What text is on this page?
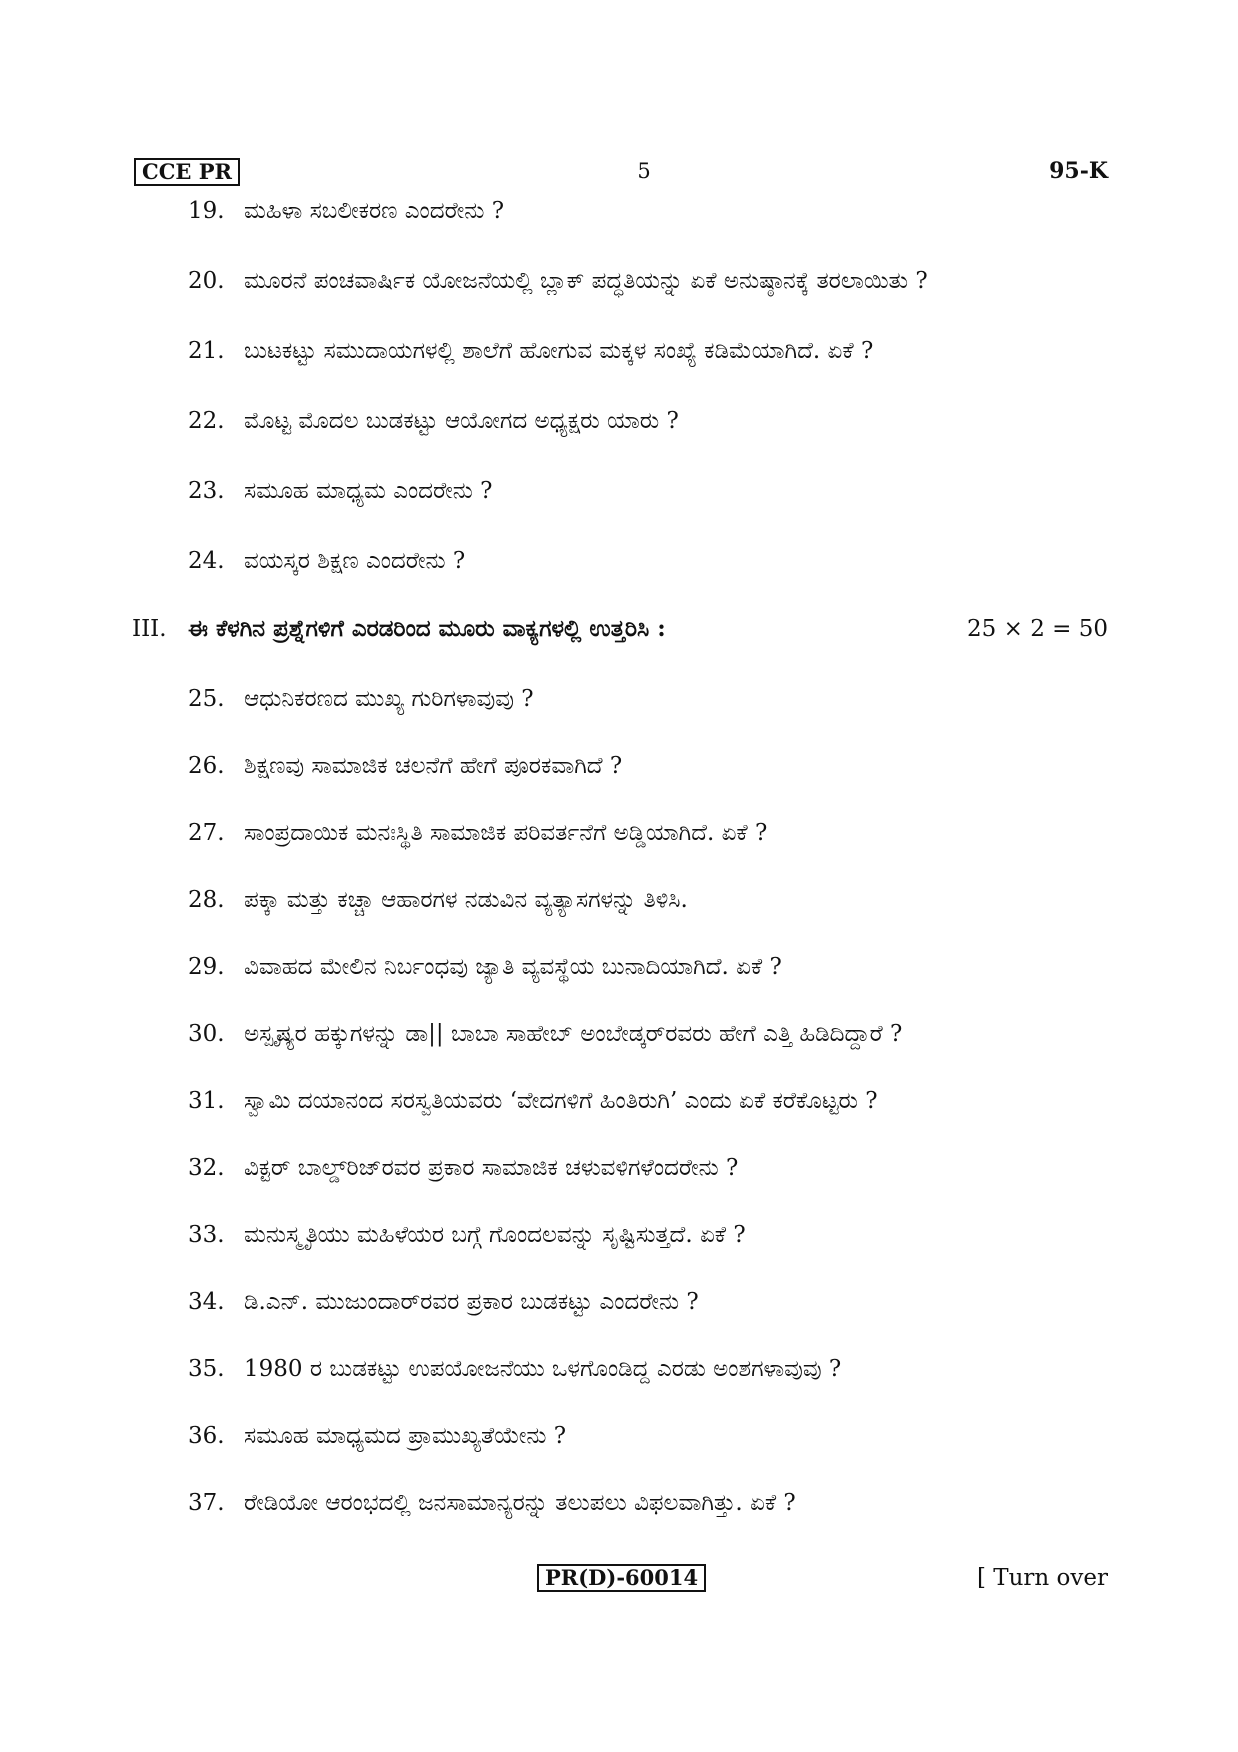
CCE PR	5	95-K
19. ಮಹಿಳಾ ಸಬಲೀಕರಣ ಎಂದರೇನು ?
20. ಮೂರನೆ ಪಂಚವಾರ್ಷಿಕ ಯೋಜನೆಯಲ್ಲಿ ಬ್ಲಾಕ್ ಪದ್ಧತಿಯನ್ನು ಏಕೆ ಅನುಷ್ಠಾನಕ್ಕೆ ತರಲಾಯಿತು ?
21. ಬುಟಕಟ್ಟು ಸಮುದಾಯಗಳಲ್ಲಿ ಶಾಲೆಗೆ ಹೋಗುವ ಮಕ್ಕಳ ಸಂಖ್ಯೆ ಕಡಿಮೆಯಾಗಿದೆ. ಏಕೆ ?
22. ಮೊಟ್ಟ ಮೊದಲ ಬುಡಕಟ್ಟು ಆಯೋಗದ ಅಧ್ಯಕ್ಷರು ಯಾರು ?
23. ಸಮೂಹ ಮಾಧ್ಯಮ ಎಂದರೇನು ?
24. ವಯಸ್ಕರ ಶಿಕ್ಷಣ ಎಂದರೇನು ?
III. ಈ ಕೆಳಗಿನ ಪ್ರಶ್ನೆಗಳಿಗೆ ಎರಡರಿಂದ ಮೂರು ವಾಕ್ಯಗಳಲ್ಲಿ ಉತ್ತರಿಸಿ :	25 × 2 = 50
25. ಆಧುನಿಕರಣದ ಮುಖ್ಯ ಗುರಿಗಳಾವುವು ?
26. ಶಿಕ್ಷಣವು ಸಾಮಾಜಿಕ ಚಲನೆಗೆ ಹೇಗೆ ಪೂರಕವಾಗಿದೆ ?
27. ಸಾಂಪ್ರದಾಯಿಕ ಮನಃಸ್ಥಿತಿ ಸಾಮಾಜಿಕ ಪರಿವರ್ತನೆಗೆ ಅಡ್ಡಿಯಾಗಿದೆ. ಏಕೆ ?
28. ಪಕ್ಕಾ ಮತ್ತು ಕಚ್ಚಾ ಆಹಾರಗಳ ನಡುವಿನ ವ್ಯತ್ಯಾಸಗಳನ್ನು ತಿಳಿಸಿ.
29. ವಿವಾಹದ ಮೇಲಿನ ನಿರ್ಬಂಧವು ಜ್ಯಾತಿ ವ್ಯವಸ್ಥೆಯ ಬುನಾದಿಯಾಗಿದೆ. ಏಕೆ ?
30. ಅಸ್ಪೃಷ್ಯರ ಹಕ್ಕುಗಳನ್ನು ಡಾ|| ಬಾಬಾ ಸಾಹೇಬ್ ಅಂಬೇಡ್ಕರ್‌ರವರು ಹೇಗೆ ಎತ್ತಿ ಹಿಡಿದಿದ್ದಾರೆ ?
31. ಸ್ವಾಮಿ ದಯಾನಂದ ಸರಸ್ವತಿಯವರು ‘ವೇದಗಳಿಗೆ ಹಿಂತಿರುಗಿ’ ಎಂದು ಏಕೆ ಕರೆಕೊಟ್ಟರು ?
32. ವಿಕ್ಟರ್ ಬಾಲ್ಡ್‌ರಿಜ್‌ರವರ ಪ್ರಕಾರ ಸಾಮಾಜಿಕ ಚಳುವಳಿಗಳೆಂದರೇನು ?
33. ಮನುಸ್ಮೃತಿಯು ಮಹಿಳೆಯರ ಬಗ್ಗೆ ಗೊಂದಲವನ್ನು ಸೃಷ್ಟಿಸುತ್ತದೆ. ಏಕೆ ?
34. ಡಿ.ಎನ್. ಮುಜುಂದಾರ್‌ರವರ ಪ್ರಕಾರ ಬುಡಕಟ್ಟು ಎಂದರೇನು ?
35. 1980 ರ ಬುಡಕಟ್ಟು ಉಪಯೋಜನೆಯು ಒಳಗೊಂಡಿದ್ದ ಎರಡು ಅಂಶಗಳಾವುವು ?
36. ಸಮೂಹ ಮಾಧ್ಯಮದ ಪ್ರಾಮುಖ್ಯತೆಯೇನು ?
37. ರೇಡಿಯೋ ಆರಂಭದಲ್ಲಿ ಜನಸಾಮಾನ್ಯರನ್ನು ತಲುಪಲು ವಿಫಲವಾಗಿತ್ತು. ಏಕೆ ?
PR(D)-60014	[ Turn over
